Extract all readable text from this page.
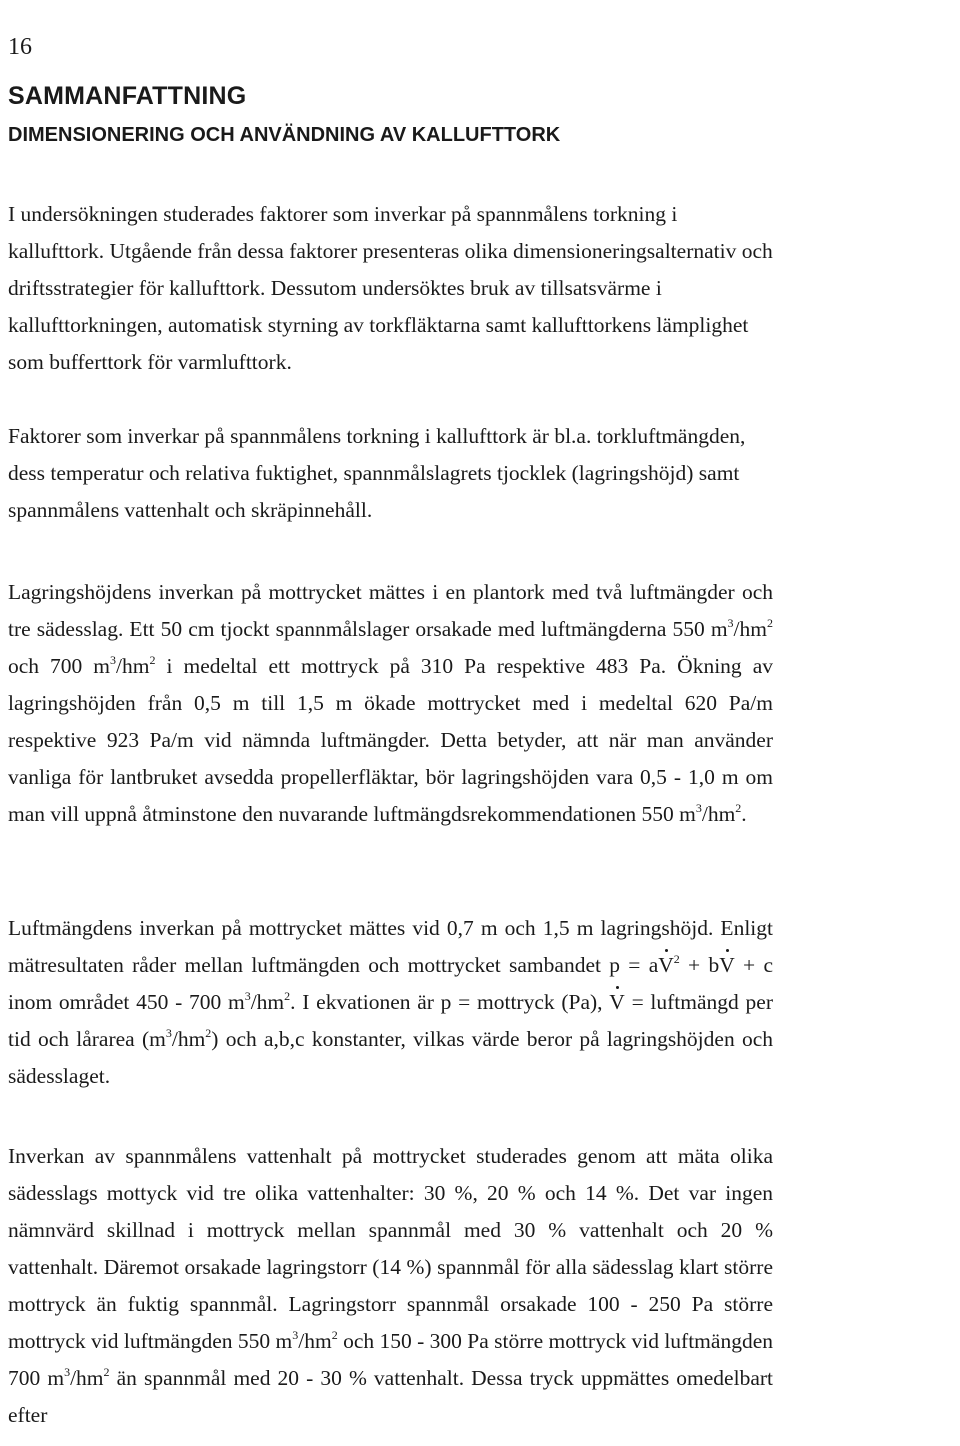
16
SAMMANFATTNING
DIMENSIONERING OCH ANVÄNDNING AV KALLUFTTORK

I undersökningen studerades faktorer som inverkar på spannmålens torkning i kallufttork. Utgående från dessa faktorer presenteras olika dimensioneringsalternativ och driftsstrategier för kallufttork. Dessutom undersöktes bruk av tillsatsvärme i kallufttorkningen, automatisk styrning av torkfläktarna samt kallufttorkens lämplighet som bufferttork för varmlufttork.

Faktorer som inverkar på spannmålens torkning i kallufttork är bl.a. torkluftmängden, dess temperatur och relativa fuktighet, spannmålslagrets tjocklek (lagringshöjd) samt spannmålens vattenhalt och skräpinnehåll.

Lagringshöjdens inverkan på mottrycket mättes i en plantork med två luftmängder och tre sädesslag. Ett 50 cm tjockt spannmålslager orsakade med luftmängderna 550 $m^3/hm^2$ och 700 $m^3/hm^2$ i medeltal ett mottryck på 310 Pa respektive 483 Pa. Ökning av lagringshöjden från 0,5 m till 1,5 m ökade mottrycket med i medeltal 620 Pa/m respektive 923 Pa/m vid nämnda luftmängder. Detta betyder, att när man använder vanliga för lantbruket avsedda propellerfläktar, bör lagringshöjden vara 0,5 - 1,0 m om man vill uppnå åtminstone den nuvarande luftmängdsrekommendationen 550 $m^3/hm^2$.

Luftmängdens inverkan på mottrycket mättes vid 0,7 m och 1,5 m lagringshöjd. Enligt mätresultaten råder mellan luftmängden och mottrycket sambandet $p = aV^2$ + bV + c inom området 450 - 700 $m^3/hm^2$. I ekvationen är p = mottryck (Pa), V = luftmängd per tid och lårarea $(m^3/hm^2)$ och a,b,c konstanter, vilkas värde beror på lagringshöjden och sädesslaget.

Inverkan av spannmålens vattenhalt på mottrycket studerades genom att mäta olika sädesslags mottyck vid tre olika vattenhalter: 30 %, 20 % och 14 %. Det var ingen nämnvärd skillnad i mottryck mellan spannmål med 30 % vattenhalt och 20 % vattenhalt. Däremot orsakade lagringstorr (14 %) spannmål för alla sädesslag klart större mottryck än fuktig spannmål. Lagringstorr spannmål orsakade 100 - 250 Pa större mottryck vid luftmängden 550 $m^3/hm^2$ och 150 - 300 Pa större mottryck vid luftmängden 700 $m^3/hm^2$ än spannmål med 20 - 30 % vattenhalt. Dessa tryck uppmättes omedelbart efter
